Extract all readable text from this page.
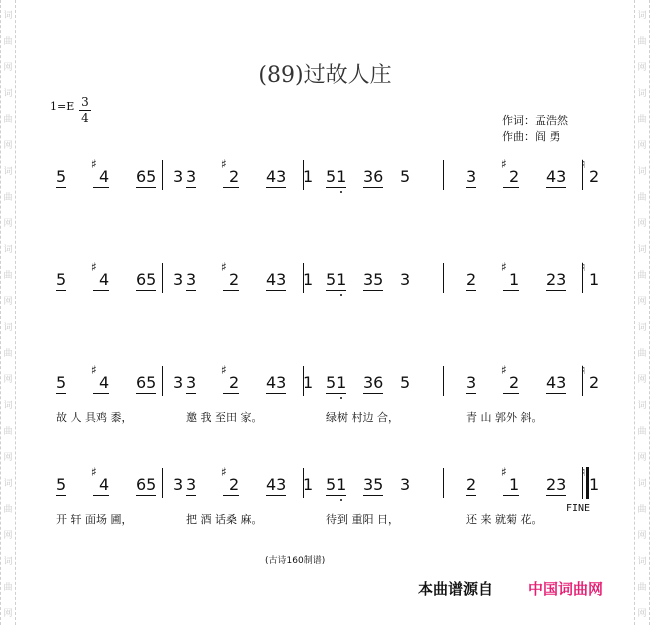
词
曲
网
词
曲
网
词
曲
网
词
曲
网
词
曲
网
词
曲
网
词
曲
网
词
曲
网
词
曲
网
词
曲
网
词
曲
网
词
曲
网
词
曲
网
词
曲
网
词
曲
网
词
曲
网
(89)过故人庄
1=E 3
4	作词：孟浩然
作曲：阎 勇
5
♯
4 65 3 3
♯
2 43 1 51 36 5	3
♯
2 43
♮
2
5
♯
4 65 3 3
♯
2 43 1 51 35 3	2
♯
1 23
♮
1
5
♯
4 65 3 3
♯
2 43 1 51 36 5	3
♯
2 43
♮
2
故 人 具鸡 黍，	邀 我 至田 家。	绿树 村边 合，	青 山 郭外 斜。
5
♯
4 65 3 3
♯
2 43 1 51 35 3	2
♯
1 23
♮
1
开 轩 面场 圃，	把 酒 话桑 麻。	待到 重阳 日，	还 来 就菊 花。
FINE
(古诗160制谱)
本曲谱源自 中国词曲网
